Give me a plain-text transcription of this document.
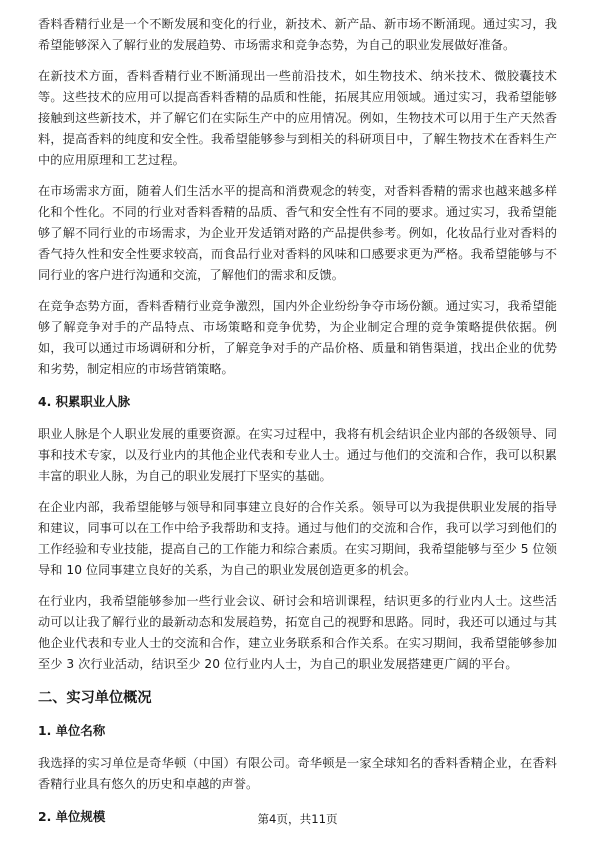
香料香精行业是一个不断发展和变化的行业，新技术、新产品、新市场不断涌现。通过实习，我希望能够深入了解行业的发展趋势、市场需求和竞争态势，为自己的职业发展做好准备。

在新技术方面，香料香精行业不断涌现出一些前沿技术，如生物技术、纳米技术、微胶囊技术等。这些技术的应用可以提高香料香精的品质和性能，拓展其应用领域。通过实习，我希望能够接触到这些新技术，并了解它们在实际生产中的应用情况。例如，生物技术可以用于生产天然香料，提高香料的纯度和安全性。我希望能够参与到相关的科研项目中，了解生物技术在香料生产中的应用原理和工艺过程。

在市场需求方面，随着人们生活水平的提高和消费观念的转变，对香料香精的需求也越来越多样化和个性化。不同的行业对香料香精的品质、香气和安全性有不同的要求。通过实习，我希望能够了解不同行业的市场需求，为企业开发适销对路的产品提供参考。例如，化妆品行业对香料的香气持久性和安全性要求较高，而食品行业对香料的风味和口感要求更为严格。我希望能够与不同行业的客户进行沟通和交流，了解他们的需求和反馈。

在竞争态势方面，香料香精行业竞争激烈，国内外企业纷纷争夺市场份额。通过实习，我希望能够了解竞争对手的产品特点、市场策略和竞争优势，为企业制定合理的竞争策略提供依据。例如，我可以通过市场调研和分析，了解竞争对手的产品价格、质量和销售渠道，找出企业的优势和劣势，制定相应的市场营销策略。

4. 积累职业人脉

职业人脉是个人职业发展的重要资源。在实习过程中，我将有机会结识企业内部的各级领导、同事和技术专家，以及行业内的其他企业代表和专业人士。通过与他们的交流和合作，我可以积累丰富的职业人脉，为自己的职业发展打下坚实的基础。

在企业内部，我希望能够与领导和同事建立良好的合作关系。领导可以为我提供职业发展的指导和建议，同事可以在工作中给予我帮助和支持。通过与他们的交流和合作，我可以学习到他们的工作经验和专业技能，提高自己的工作能力和综合素质。在实习期间，我希望能够与至少 5 位领导和 10 位同事建立良好的关系，为自己的职业发展创造更多的机会。

在行业内，我希望能够参加一些行业会议、研讨会和培训课程，结识更多的行业内人士。这些活动可以让我了解行业的最新动态和发展趋势，拓宽自己的视野和思路。同时，我还可以通过与其他企业代表和专业人士的交流和合作，建立业务联系和合作关系。在实习期间，我希望能够参加至少 3 次行业活动，结识至少 20 位行业内人士，为自己的职业发展搭建更广阔的平台。

二、实习单位概况
1. 单位名称

我选择的实习单位是奇华顿（中国）有限公司。奇华顿是一家全球知名的香料香精企业，在香料香精行业具有悠久的历史和卓越的声誉。

2. 单位规模	第4页，共11页
